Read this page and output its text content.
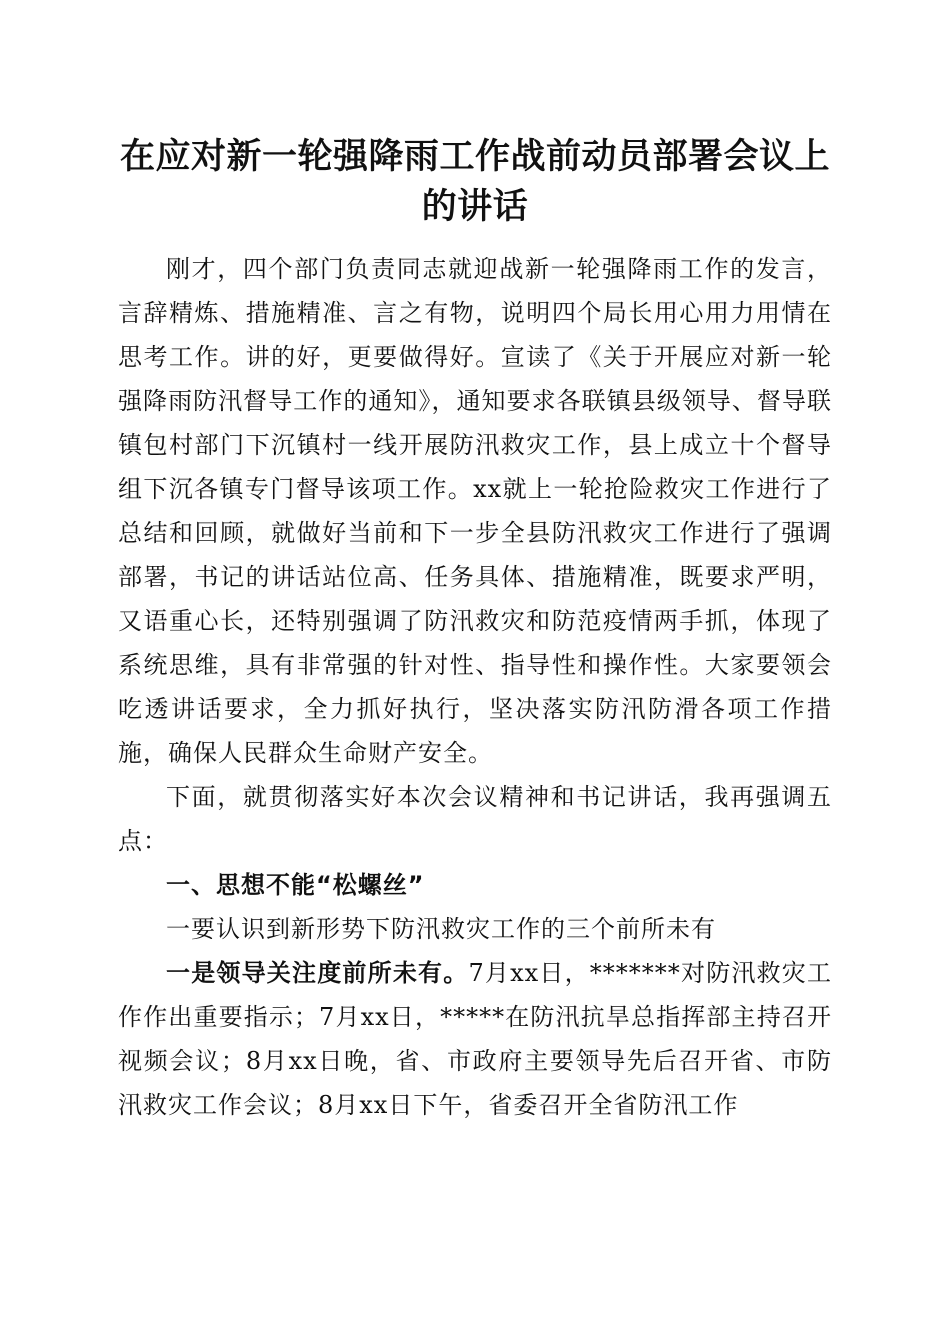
在应对新一轮强降雨工作战前动员部署会议上
的讲话

刚才，四个部门负责同志就迎战新一轮强降雨工作的发言，言辞精炼、措施精准、言之有物，说明四个局长用心用力用情在思考工作。讲的好，更要做得好。宣读了《关于开展应对新一轮强降雨防汛督导工作的通知》，通知要求各联镇县级领导、督导联镇包村部门下沉镇村一线开展防汛救灾工作，县上成立十个督导组下沉各镇专门督导该项工作。xx就上一轮抢险救灾工作进行了总结和回顾，就做好当前和下一步全县防汛救灾工作进行了强调部署，书记的讲话站位高、任务具体、措施精准，既要求严明，又语重心长，还特别强调了防汛救灾和防范疫情两手抓，体现了系统思维，具有非常强的针对性、指导性和操作性。大家要领会吃透讲话要求，全力抓好执行，坚决落实防汛防滑各项工作措施，确保人民群众生命财产安全。

下面，就贯彻落实好本次会议精神和书记讲话，我再强调五点：

一、思想不能“松螺丝”

一要认识到新形势下防汛救灾工作的三个前所未有

一是领导关注度前所未有。7月xx日，*******对防汛救灾工作作出重要指示；7月xx日，*****在防汛抗旱总指挥部主持召开视频会议；8月xx日晚，省、市政府主要领导先后召开省、市防汛救灾工作会议；8月xx日下午，省委召开全省防汛工作
